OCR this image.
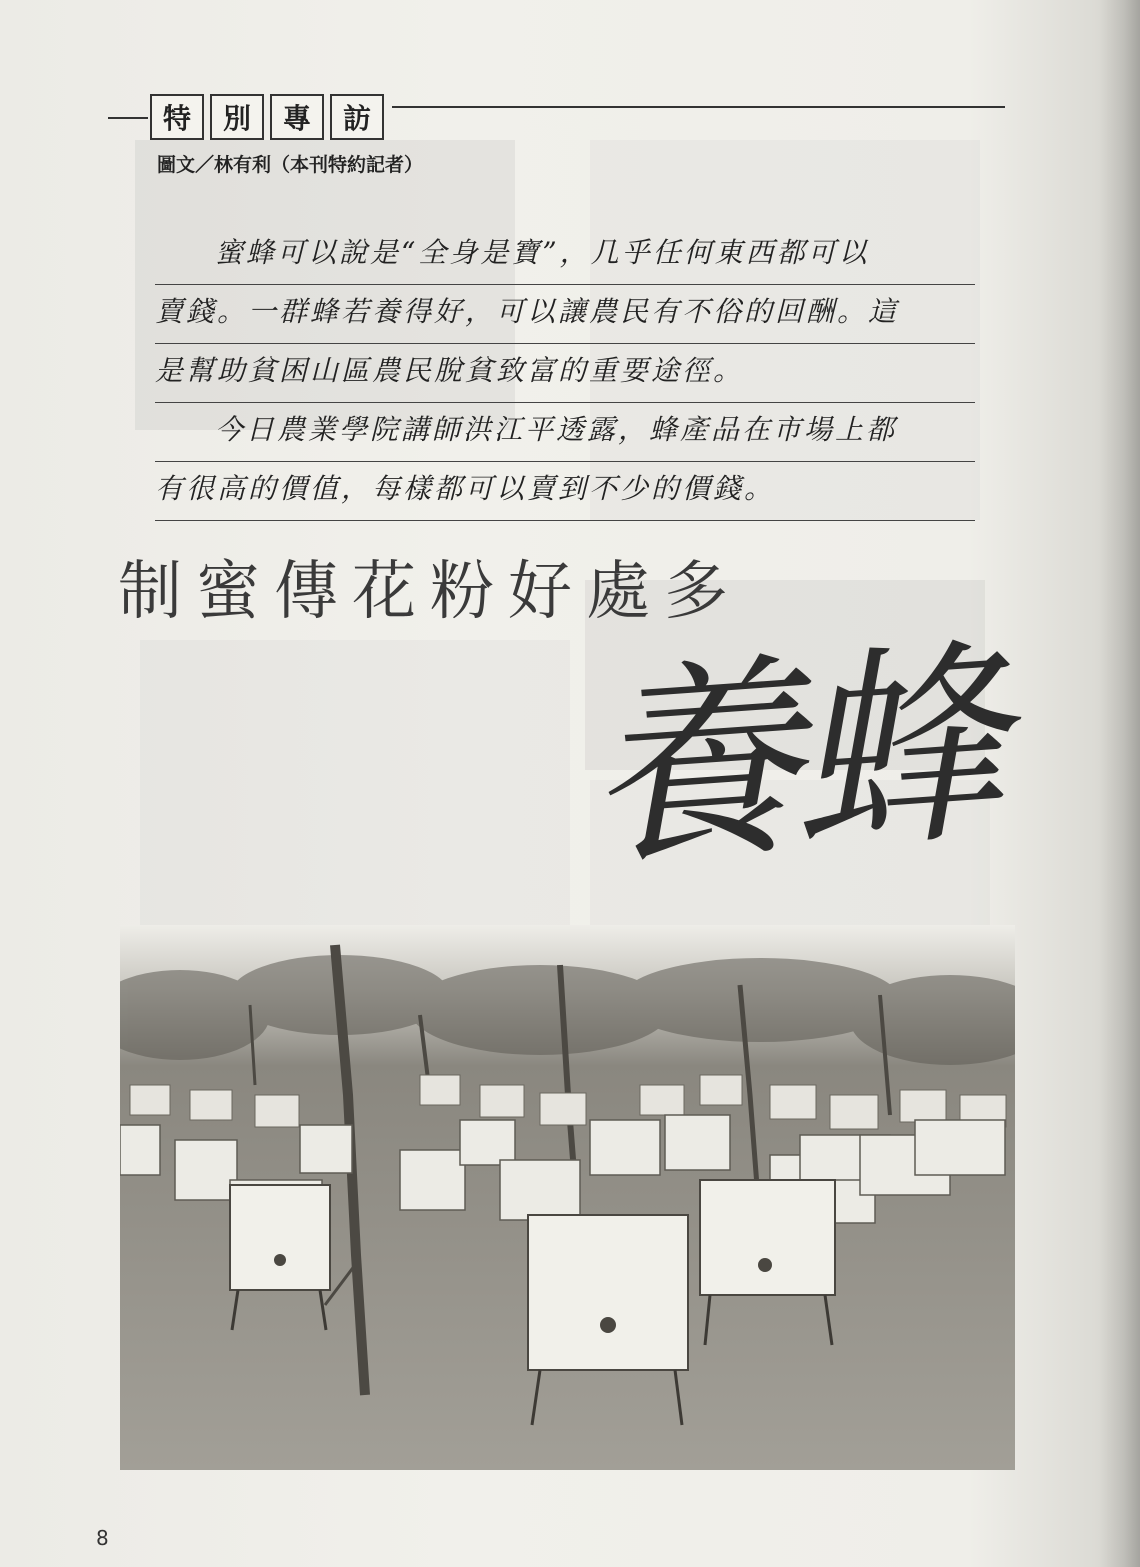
特	別	專	訪
圖文／林有利（本刊特約記者）
蜜蜂可以說是“全身是寶”，几乎任何東西都可以
賣錢。一群蜂若養得好，可以讓農民有不俗的回酬。這
是幫助貧困山區農民脫貧致富的重要途徑。
今日農業學院講師洪江平透露，蜂產品在市場上都
有很高的價值，每樣都可以賣到不少的價錢。
制蜜傳花粉好處多
養蜂
8
